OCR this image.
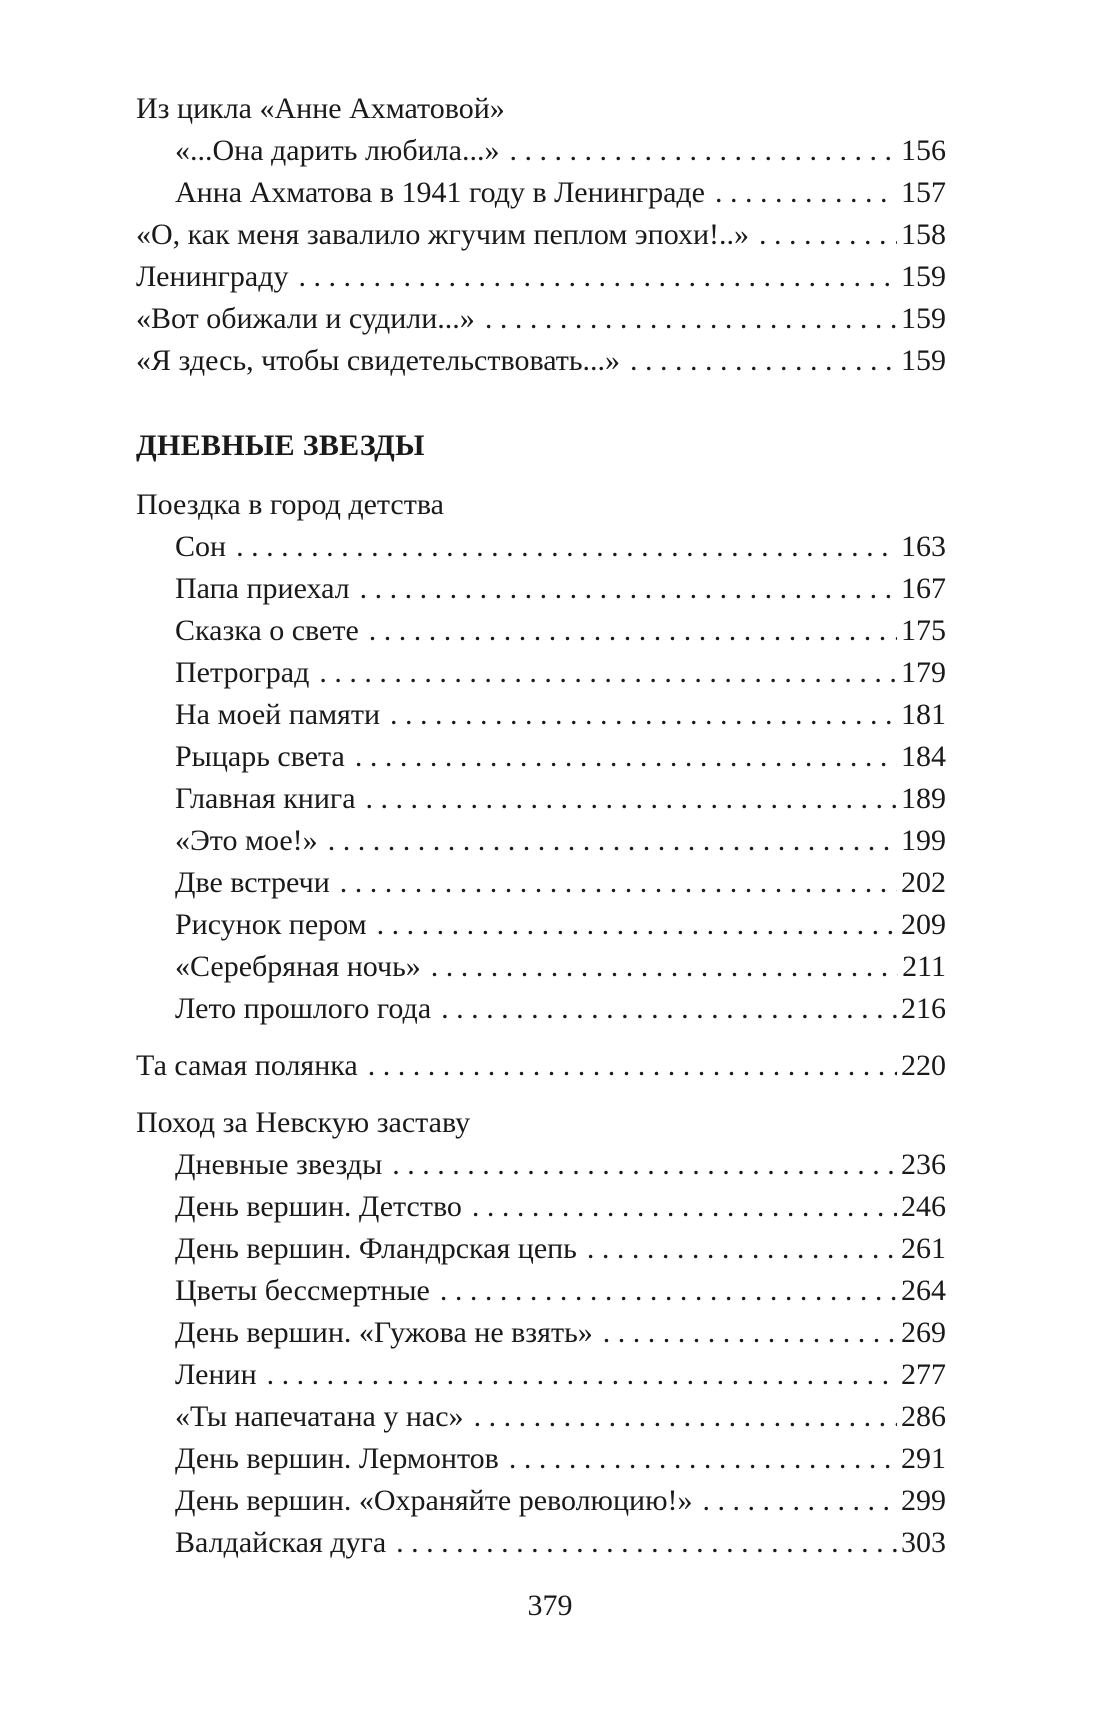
Из цикла «Анне Ахматовой»
«...Она дарить любила...» . . .	156
Анна Ахматова в 1941 году в Ленинграде . . .	157
«О, как меня завалило жгучим пеплом эпохи!..» . . .	158
Ленинграду . . .	159
«Вот обижали и судили...» . . .	159
«Я здесь, чтобы свидетельствовать...» . . .	159
ДНЕВНЫЕ ЗВЕЗДЫ
Поездка в город детства
Сон . . .	163
Папа приехал . . .	167
Сказка о свете . . .	175
Петроград . . .	179
На моей памяти . . .	181
Рыцарь света . . .	184
Главная книга . . .	189
«Это мое!» . . .	199
Две встречи . . .	202
Рисунок пером . . .	209
«Серебряная ночь» . . .	211
Лето прошлого года . . .	216
Та самая полянка . . .	220
Поход за Невскую заставу
Дневные звезды . . .	236
День вершин. Детство . . .	246
День вершин. Фландрская цепь . . .	261
Цветы бессмертные . . .	264
День вершин. «Гужова не взять» . . .	269
Ленин . . .	277
«Ты напечатана у нас» . . .	286
День вершин. Лермонтов . . .	291
День вершин. «Охраняйте революцию!» . . .	299
Валдайская дуга . . .	303
379
